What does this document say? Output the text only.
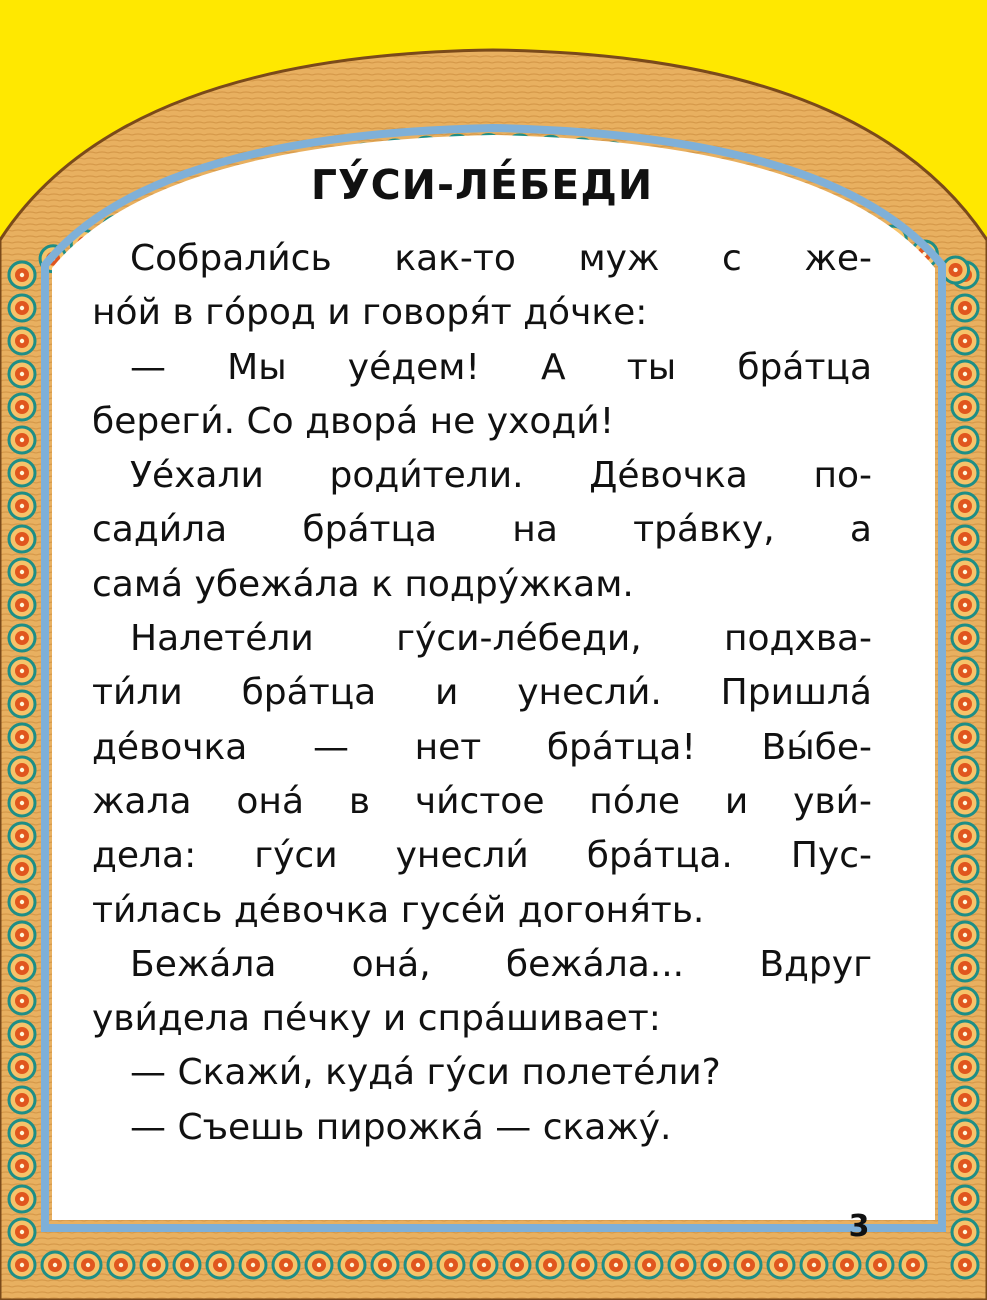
ГУ́СИ-ЛЕ́БЕДИ
Собрали́сь как-то муж с же-
но́й в го́род и говоря́т до́чке:
— Мы уе́дем! А ты бра́тца
береги́. Со двора́ не уходи́!
Уе́хали роди́тели. Де́вочка по-
сади́ла бра́тца на тра́вку, а
сама́ убежа́ла к подру́жкам.
Налете́ли гу́си-ле́беди, подхва-
ти́ли бра́тца и унесли́. Пришла́
де́вочка — нет бра́тца! Вы́бе-
жала она́ в чи́стое по́ле и уви́-
дела: гу́си унесли́ бра́тца. Пус-
ти́лась де́вочка гусе́й догоня́ть.
Бежа́ла она́, бежа́ла... Вдруг
уви́дела пе́чку и спра́шивает:
— Скажи́, куда́ гу́си полете́ли?
— Съешь пирожка́ — скажу́.
3
